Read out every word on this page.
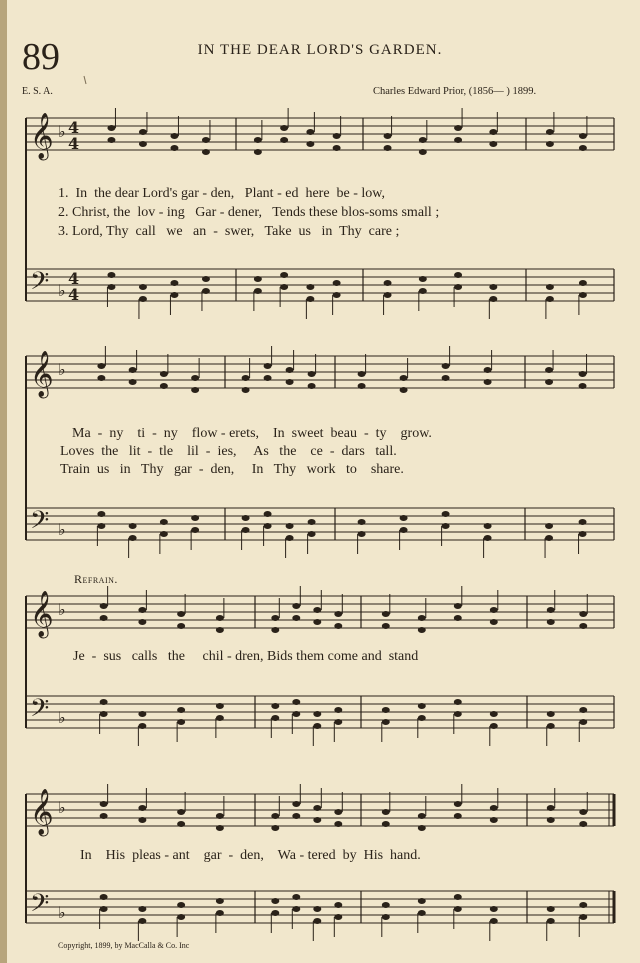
89	IN THE DEAR LORD'S GARDEN.
E. S. A.	Charles Edward Prior, (1856— ) 1899.
𝄞
𝄢
♭
♭
4
4
4
4
𝄞
𝄢
♭
♭
𝄞
𝄢
♭
♭
𝄞
𝄢
♭
♭
1.  In  the dear Lord's gar - den,   Plant - ed  here  be - low,
2. Christ, the  lov - ing   Gar - dener,   Tends these blos-soms small ;
3. Lord, Thy  call   we   an  -  swer,   Take  us   in  Thy  care ;
Ma  -  ny    ti  -  ny    flow - erets,    In  sweet  beau  -  ty    grow.
Loves  the   lit  -  tle    lil  -  ies,     As   the    ce  -  dars   tall.
Train  us   in   Thy   gar  -  den,     In   Thy   work   to    share.
Refrain.
Je  -  sus   calls   the     chil - dren, Bids them come and  stand
In    His  pleas - ant    gar  -  den,    Wa - tered  by  His  hand.
Copyright, 1899, by MacCalla & Co. Inc
